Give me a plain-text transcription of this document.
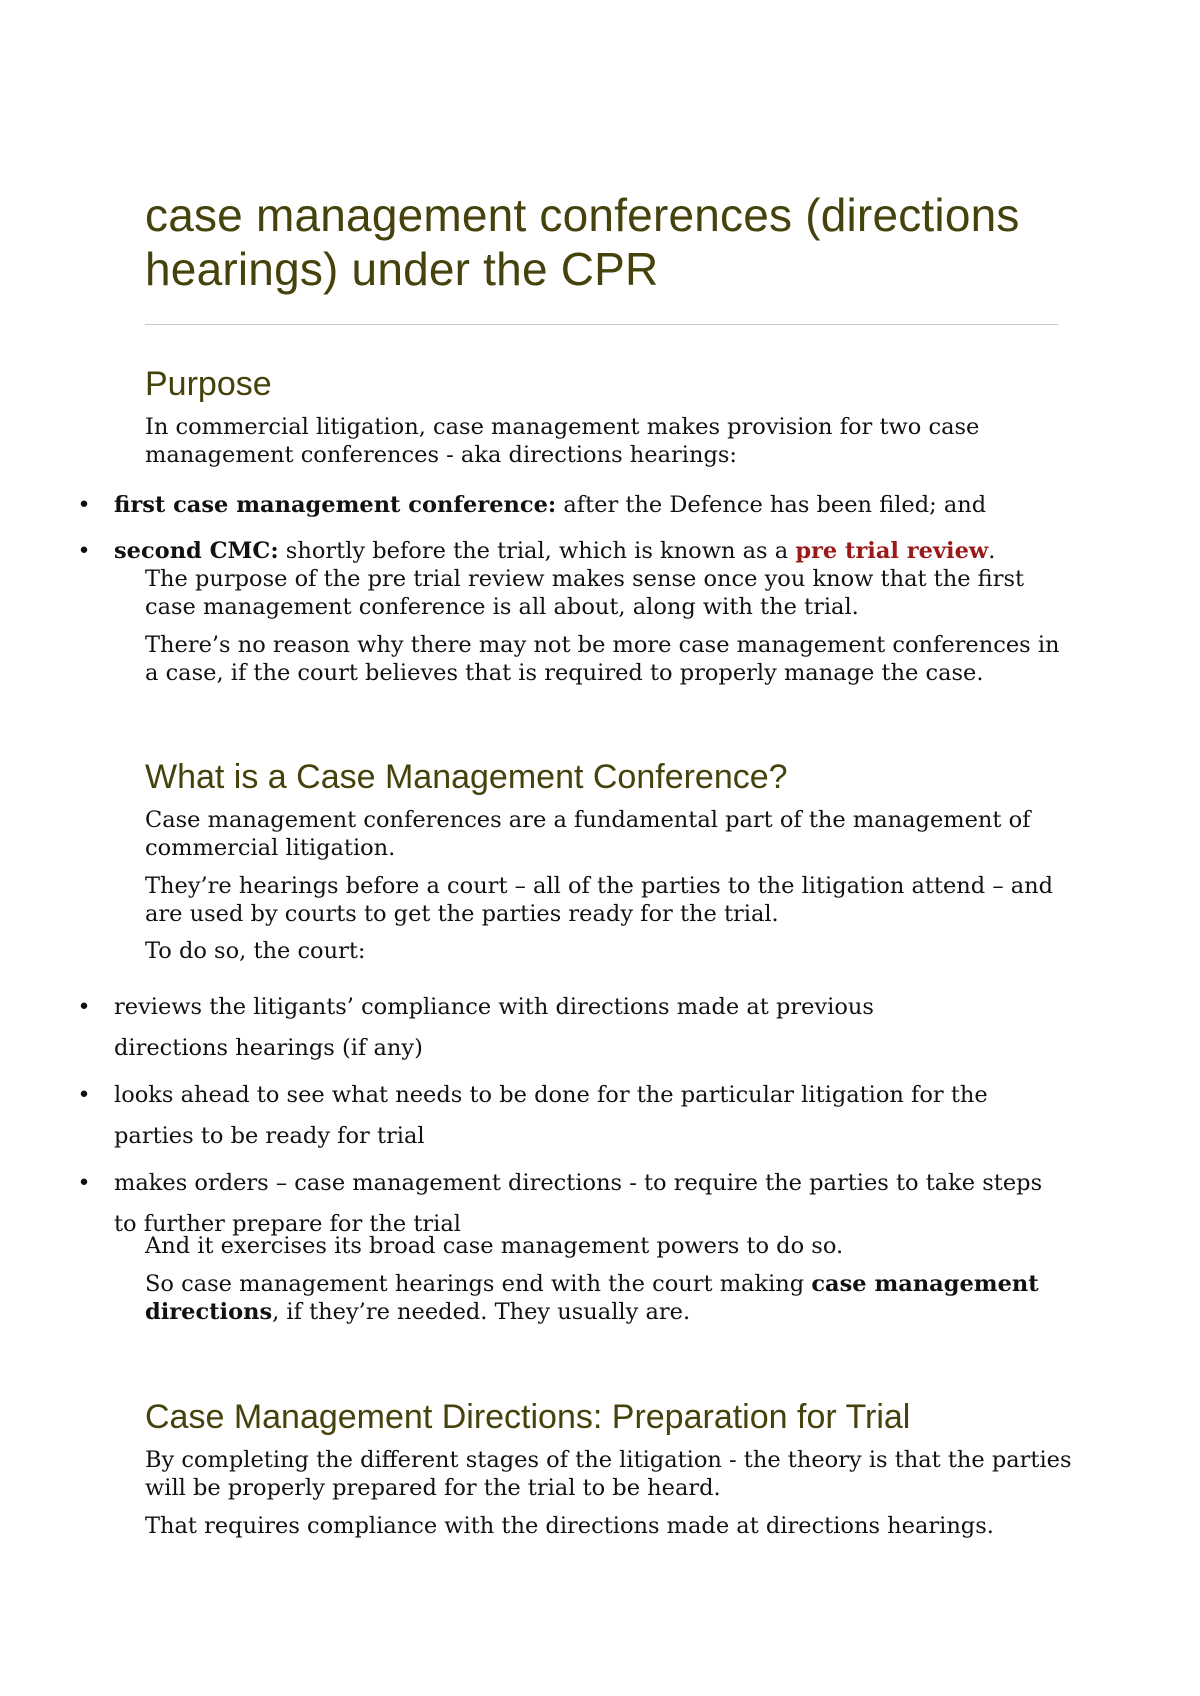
case management conferences (directions hearings) under the CPR
Purpose

In commercial litigation, case management makes provision for two case management conferences - aka directions hearings:

• first case management conference: after the Defence has been filed; and

• second CMC: shortly before the trial, which is known as a pre trial review.

The purpose of the pre trial review makes sense once you know that the first case management conference is all about, along with the trial.

There’s no reason why there may not be more case management conferences in a case, if the court believes that is required to properly manage the case.

What is a Case Management Conference?

Case management conferences are a fundamental part of the management of commercial litigation.

They’re hearings before a court – all of the parties to the litigation attend – and are used by courts to get the parties ready for the trial.

To do so, the court:

• reviews the litigants’ compliance with directions made at previous directions hearings (if any)

• looks ahead to see what needs to be done for the particular litigation for the parties to be ready for trial

• makes orders – case management directions - to require the parties to take steps to further prepare for the trial

And it exercises its broad case management powers to do so.

So case management hearings end with the court making case management directions, if they’re needed. They usually are.

Case Management Directions: Preparation for Trial

By completing the different stages of the litigation - the theory is that the parties will be properly prepared for the trial to be heard.

That requires compliance with the directions made at directions hearings.
